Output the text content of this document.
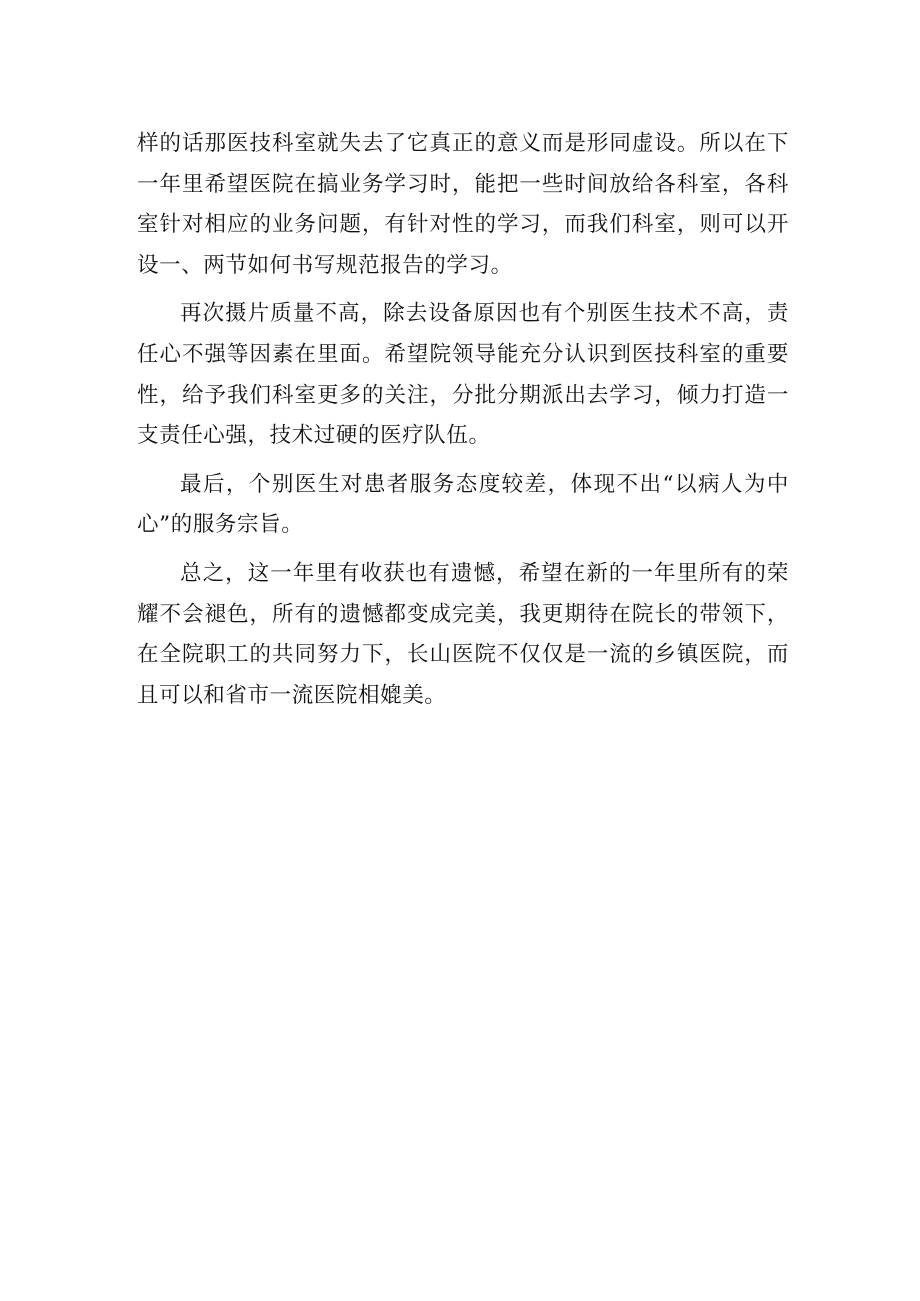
样的话那医技科室就失去了它真正的意义而是形同虚设。所以在下一年里希望医院在搞业务学习时，能把一些时间放给各科室，各科室针对相应的业务问题，有针对性的学习，而我们科室，则可以开设一、两节如何书写规范报告的学习。

再次摄片质量不高，除去设备原因也有个别医生技术不高，责任心不强等因素在里面。希望院领导能充分认识到医技科室的重要性，给予我们科室更多的关注，分批分期派出去学习，倾力打造一支责任心强，技术过硬的医疗队伍。

最后，个别医生对患者服务态度较差，体现不出“以病人为中心”的服务宗旨。

总之，这一年里有收获也有遗憾，希望在新的一年里所有的荣耀不会褪色，所有的遗憾都变成完美，我更期待在院长的带领下，在全院职工的共同努力下，长山医院不仅仅是一流的乡镇医院，而且可以和省市一流医院相媲美。
